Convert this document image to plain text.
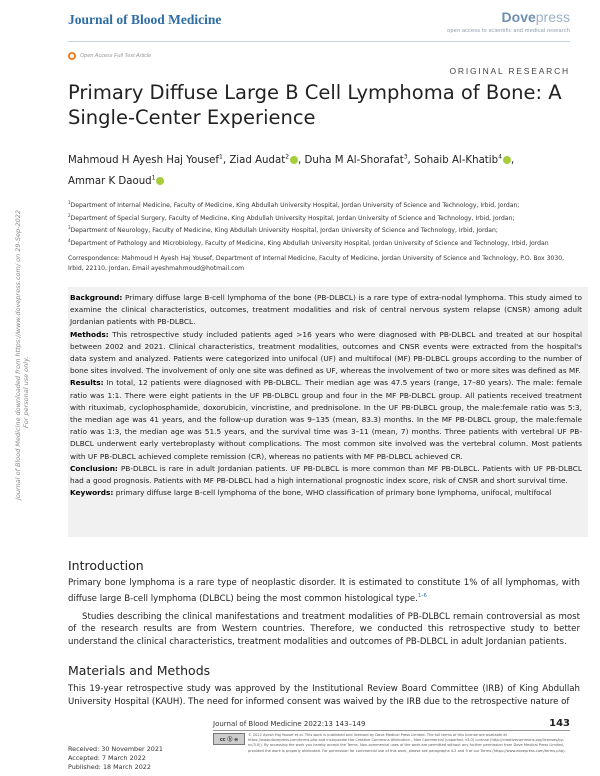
Journal of Blood Medicine	Dovepress
open access to scientific and medical research
Open Access Full Text Article
ORIGINAL RESEARCH
Primary Diffuse Large B Cell Lymphoma of Bone: A Single-Center Experience
Mahmoud H Ayesh Haj Yousef$^1$, Ziad Audat$^2$ , Duha M Al-Shorafat$^3$, Sohaib Al-Khatib$^4$ , Ammar K Daoud$^1$

$^1$Department of Internal Medicine, Faculty of Medicine, King Abdullah University Hospital, Jordan University of Science and Technology, Irbid, Jordan;

$^2$Department of Special Surgery, Faculty of Medicine, King Abdullah University Hospital, Jordan University of Science and Technology, Irbid, Jordan;

$^3$Department of Neurology, Faculty of Medicine, King Abdullah University Hospital, Jordan University of Science and Technology, Irbid, Jordan;

$^4$Department of Pathology and Microbiology, Faculty of Medicine, King Abdullah University Hospital, Jordan University of Science and Technology, Irbid, Jordan

Correspondence: Mahmoud H Ayesh Haj Yousef, Department of Internal Medicine, Faculty of Medicine, Jordan University of Science and Technology, P.O. Box 3030, Irbid, 22110, Jordan, Email ayeshmahmoud@hotmail.com

Background: Primary diffuse large B-cell lymphoma of the bone (PB-DLBCL) is a rare type of extra-nodal lymphoma. This study aimed to examine the clinical characteristics, outcomes, treatment modalities and risk of central nervous system relapse (CNSR) among adult Jordanian patients with PB-DLBCL.

Methods: This retrospective study included patients aged >16 years who were diagnosed with PB-DLBCL and treated at our hospital between 2002 and 2021. Clinical characteristics, treatment modalities, outcomes and CNSR events were extracted from the hospital's data system and analyzed. Patients were categorized into unifocal (UF) and multifocal (MF) PB-DLBCL groups according to the number of bone sites involved. The involvement of only one site was defined as UF, whereas the involvement of two or more sites was defined as MF.

Results: In total, 12 patients were diagnosed with PB-DLBCL. Their median age was 47.5 years (range, 17–80 years). The male: female ratio was 1:1. There were eight patients in the UF PB-DLBCL group and four in the MF PB-DLBCL group. All patients received treatment with rituximab, cyclophosphamide, doxorubicin, vincristine, and prednisolone. In the UF PB-DLBCL group, the male:female ratio was 5:3, the median age was 41 years, and the follow-up duration was 9–135 (mean, 83.3) months. In the MF PB-DLBCL group, the male:female ratio was 1:3, the median age was 51.5 years, and the survival time was 3–11 (mean, 7) months. Three patients with vertebral UF PB-DLBCL underwent early vertebroplasty without complications. The most common site involved was the vertebral column. Most patients with UF PB-DLBCL achieved complete remission (CR), whereas no patients with MF PB-DLBCL achieved CR.

Conclusion: PB-DLBCL is rare in adult Jordanian patients. UF PB-DLBCL is more common than MF PB-DLBCL. Patients with UF PB-DLBCL had a good prognosis. Patients with MF PB-DLBCL had a high international prognostic index score, risk of CNSR and short survival time.

Keywords: primary diffuse large B-cell lymphoma of the bone, WHO classification of primary bone lymphoma, unifocal, multifocal

Journal of Blood Medicine downloaded from https://www.dovepress.com/ on 29-Sep-2022 For personal use only.
Introduction

Primary bone lymphoma is a rare type of neoplastic disorder. It is estimated to constitute 1% of all lymphomas, with diffuse large B-cell lymphoma (DLBCL) being the most common histological type.$^{1-6}$

Studies describing the clinical manifestations and treatment modalities of PB-DLBCL remain controversial as most of the research results are from Western countries. Therefore, we conducted this retrospective study to better understand the clinical characteristics, treatment modalities and outcomes of PB-DLBCL in adult Jordanian patients.

Materials and Methods

This 19-year retrospective study was approved by the Institutional Review Board Committee (IRB) of King Abdullah University Hospital (KAUH). The need for informed consent was waived by the IRB due to the retrospective nature of

Received: 30 November 2021

Accepted: 7 March 2022

Published: 18 March 2022

Journal of Blood Medicine 2022:13 143–149	143
cc ⓑ ⊜
© 2022 Ayesh Haj Yousef et al. This work is published and licensed by Dove Medical Press Limited. The full terms of this license are available at https://www.dovepress.com/terms.php and incorporate the Creative Commons Attribution – Non Commercial (unported, v3.0) License (http://creativecommons.org/licenses/by-nc/3.0/). By accessing the work you hereby accept the Terms. Non-commercial uses of the work are permitted without any further permission from Dove Medical Press Limited, provided the work is properly attributed. For permission for commercial use of this work, please see paragraphs 4.2 and 5 of our Terms (https://www.dovepress.com/terms.php).
